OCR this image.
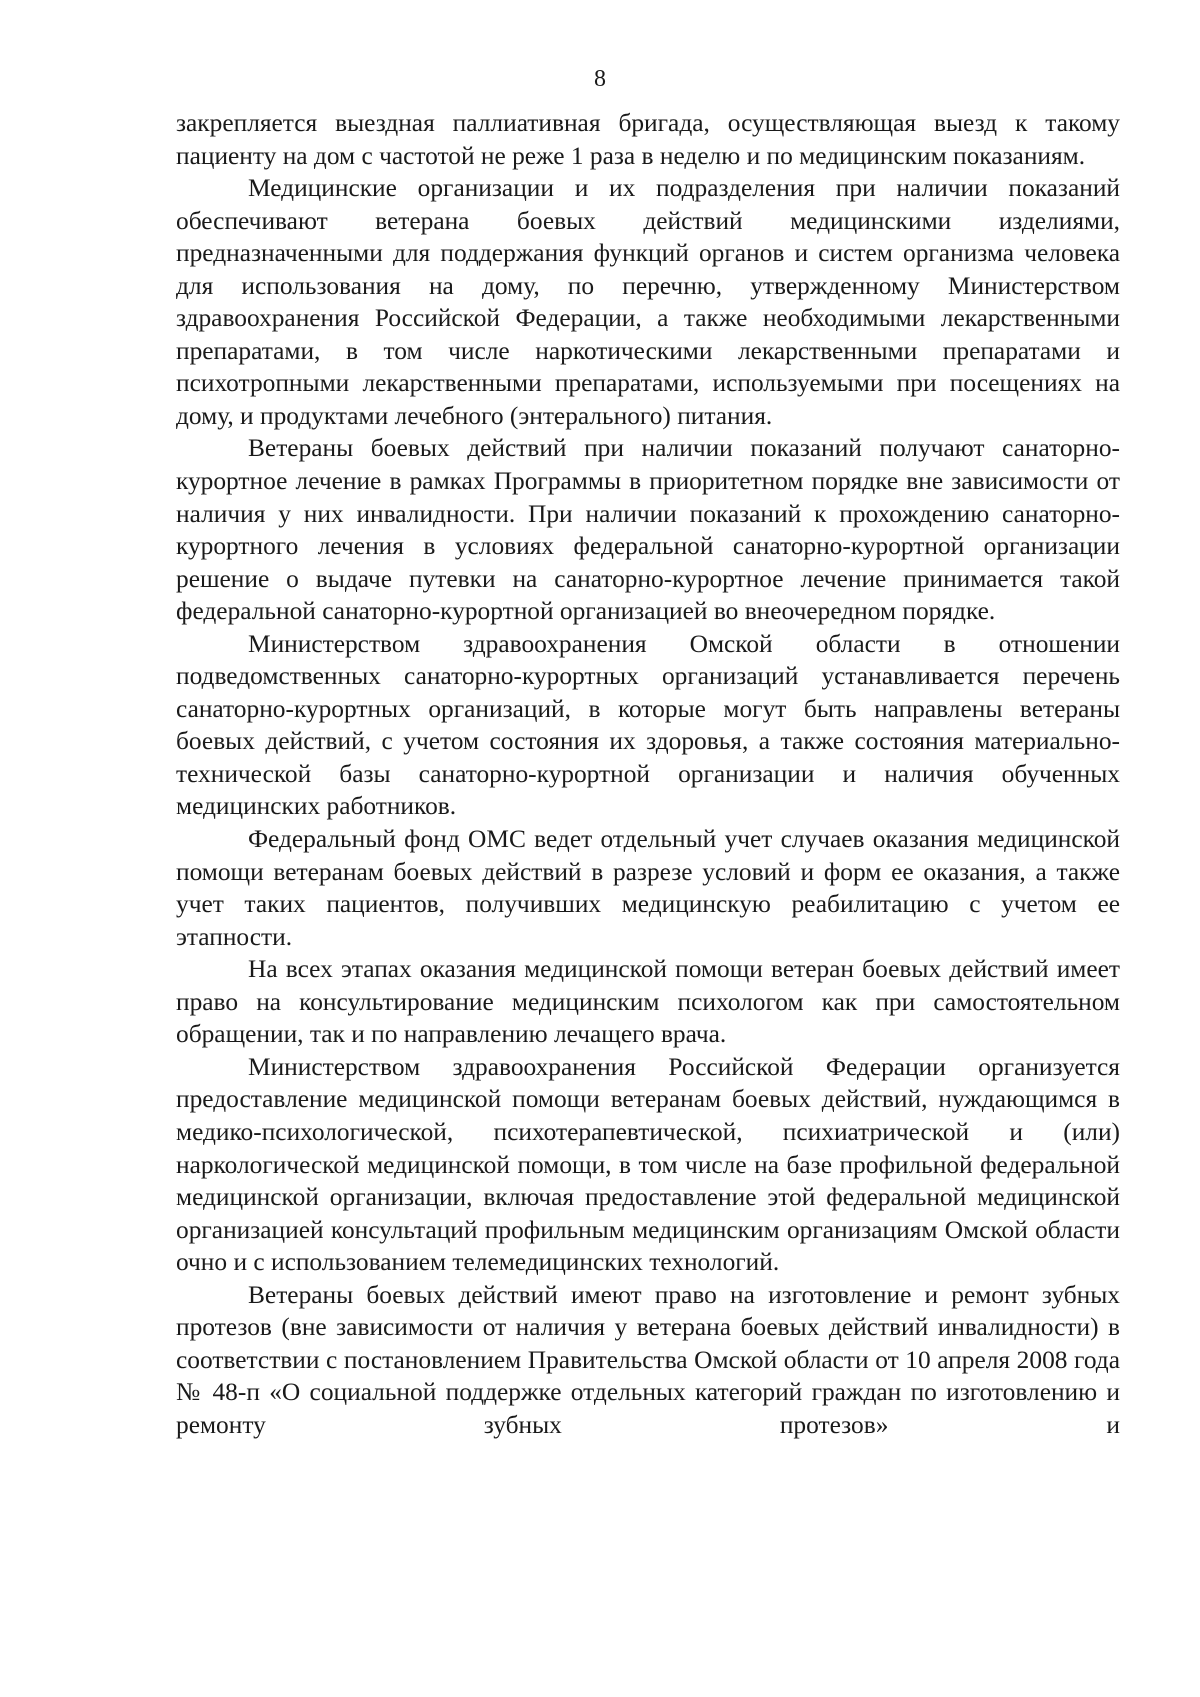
8

закрепляется выездная паллиативная бригада, осуществляющая выезд к такому пациенту на дом с частотой не реже 1 раза в неделю и по медицинским показаниям.

Медицинские организации и их подразделения при наличии показаний обеспечивают ветерана боевых действий медицинскими изделиями, предназначенными для поддержания функций органов и систем организма человека для использования на дому, по перечню, утвержденному Министерством здравоохранения Российской Федерации, а также необходимыми лекарственными препаратами, в том числе наркотическими лекарственными препаратами и психотропными лекарственными препаратами, используемыми при посещениях на дому, и продуктами лечебного (энтерального) питания.

Ветераны боевых действий при наличии показаний получают санаторно-курортное лечение в рамках Программы в приоритетном порядке вне зависимости от наличия у них инвалидности. При наличии показаний к прохождению санаторно-курортного лечения в условиях федеральной санаторно-курортной организации решение о выдаче путевки на санаторно-курортное лечение принимается такой федеральной санаторно-курортной организацией во внеочередном порядке.

Министерством здравоохранения Омской области в отношении подведомственных санаторно-курортных организаций устанавливается перечень санаторно-курортных организаций, в которые могут быть направлены ветераны боевых действий, с учетом состояния их здоровья, а также состояния материально-технической базы санаторно-курортной организации и наличия обученных медицинских работников.

Федеральный фонд ОМС ведет отдельный учет случаев оказания медицинской помощи ветеранам боевых действий в разрезе условий и форм ее оказания, а также учет таких пациентов, получивших медицинскую реабилитацию с учетом ее этапности.

На всех этапах оказания медицинской помощи ветеран боевых действий имеет право на консультирование медицинским психологом как при самостоятельном обращении, так и по направлению лечащего врача.

Министерством здравоохранения Российской Федерации организуется предоставление медицинской помощи ветеранам боевых действий, нуждающимся в медико-психологической, психотерапевтической, психиатрической и (или) наркологической медицинской помощи, в том числе на базе профильной федеральной медицинской организации, включая предоставление этой федеральной медицинской организацией консультаций профильным медицинским организациям Омской области очно и с использованием телемедицинских технологий.

Ветераны боевых действий имеют право на изготовление и ремонт зубных протезов (вне зависимости от наличия у ветерана боевых действий инвалидности) в соответствии с постановлением Правительства Омской области от 10 апреля 2008 года № 48-п «О социальной поддержке отдельных категорий граждан по изготовлению и ремонту зубных протезов» и
